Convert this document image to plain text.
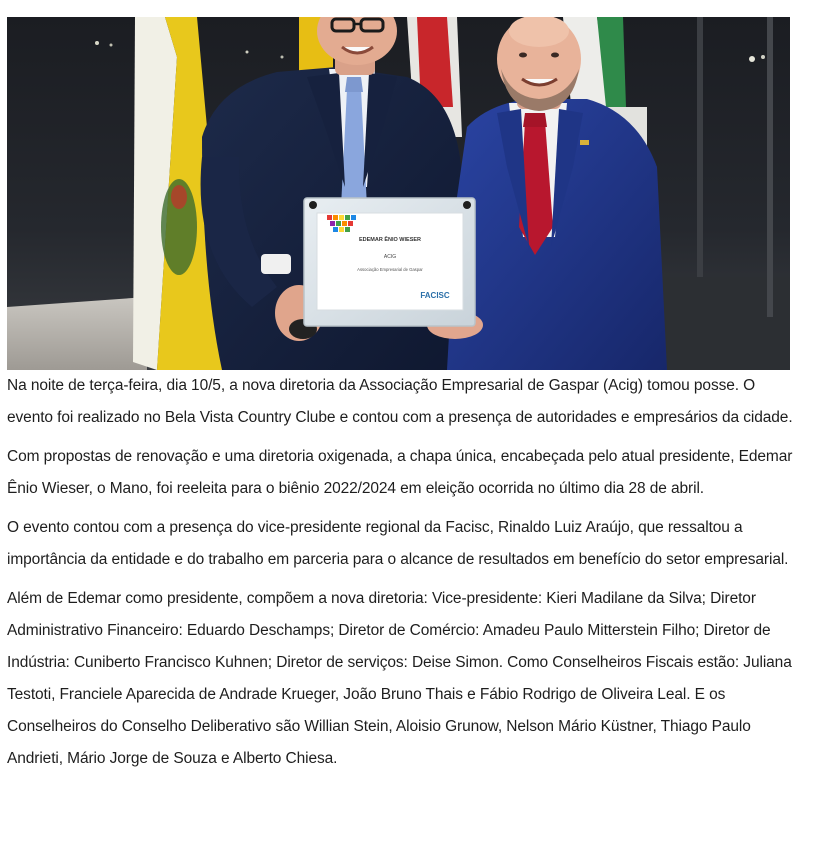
EDEMAR ÊNIO WIESER
ACIG
Associação Empresarial de Gaspar
FACISC

Na noite de terça-feira, dia 10/5, a nova diretoria da Associação Empresarial de Gaspar (Acig) tomou posse. O evento foi realizado no Bela Vista Country Clube e contou com a presença de autoridades e empresários da cidade.

Com propostas de renovação e uma diretoria oxigenada, a chapa única, encabeçada pelo atual presidente, Edemar Ênio Wieser, o Mano, foi reeleita para o biênio 2022/2024 em eleição ocorrida no último dia 28 de abril.

O evento contou com a presença do vice-presidente regional da Facisc, Rinaldo Luiz Araújo, que ressaltou a importância da entidade e do trabalho em parceria para o alcance de resultados em benefício do setor empresarial.

Além de Edemar como presidente, compõem a nova diretoria: Vice-presidente: Kieri Madilane da Silva; Diretor Administrativo Financeiro: Eduardo Deschamps; Diretor de Comércio: Amadeu Paulo Mitterstein Filho; Diretor de Indústria: Cuniberto Francisco Kuhnen; Diretor de serviços: Deise Simon. Como Conselheiros Fiscais estão: Juliana Testoti, Franciele Aparecida de Andrade Krueger, João Bruno Thais e Fábio Rodrigo de Oliveira Leal. E os Conselheiros do Conselho Deliberativo são Willian Stein, Aloisio Grunow, Nelson Mário Küstner, Thiago Paulo Andrieti, Mário Jorge de Souza e Alberto Chiesa.
